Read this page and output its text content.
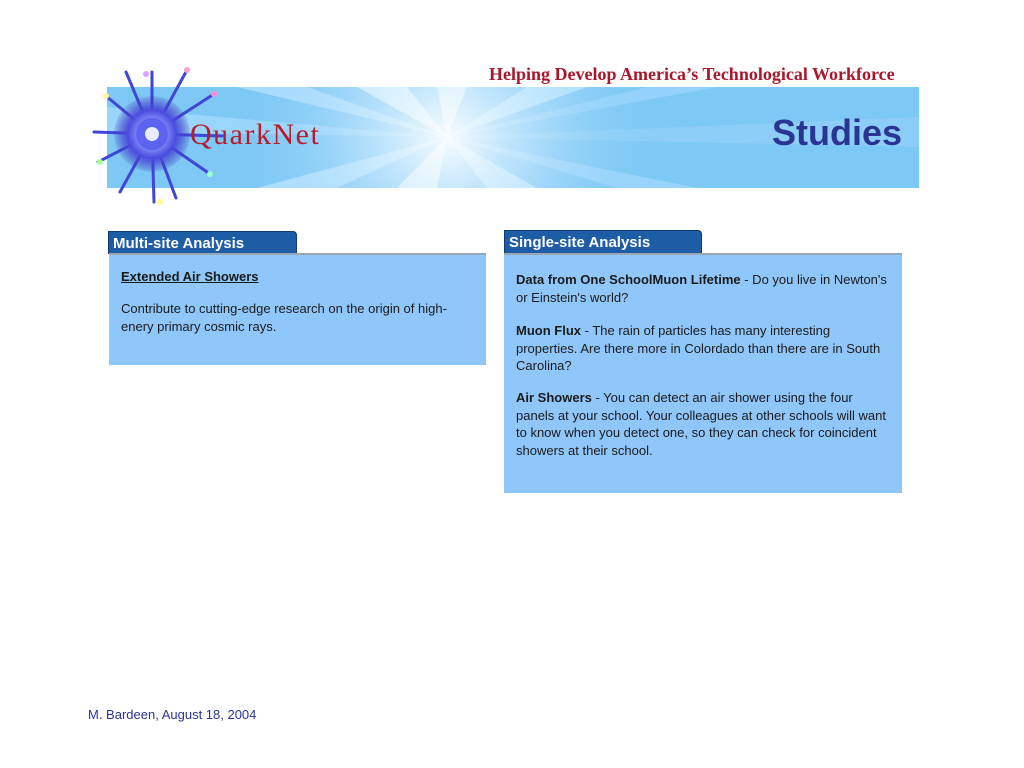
Helping Develop America’s Technological Workforce
QuarkNet	Studies
Multi-site Analysis
Extended Air Showers
Contribute to cutting-edge research on the origin of high-enery primary cosmic rays.
Single-site Analysis
Data from One SchoolMuon Lifetime - Do you live in Newton's or Einstein's world?
Muon Flux - The rain of particles has many interesting properties. Are there more in Colordado than there are in South Carolina?
Air Showers - You can detect an air shower using the four panels at your school. Your colleagues at other schools will want to know when you detect one, so they can check for coincident showers at their school.
M. Bardeen, August 18, 2004
